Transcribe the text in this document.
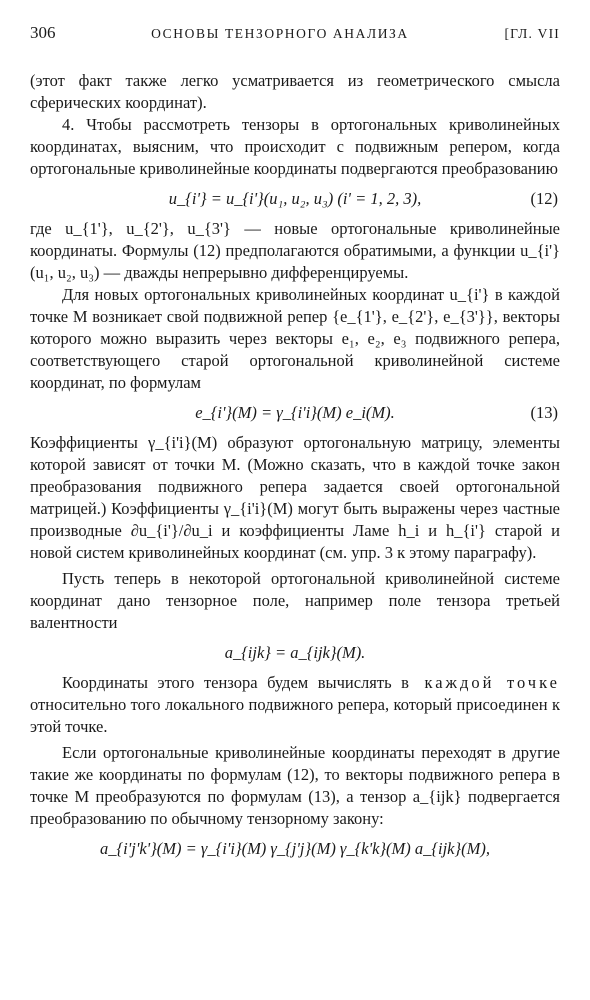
306	ОСНОВЫ ТЕНЗОРНОГО АНАЛИЗА	[ГЛ. VII

(этот факт также легко усматривается из геометрического смысла сферических координат).

4. Чтобы рассмотреть тензоры в ортогональных криволинейных координатах, выясним, что происходит с подвижным репером, когда ортогональные криволинейные координаты подвергаются преобразованию

u_{i'} = u_{i'}(u₁, u₂, u₃) (i' = 1, 2, 3),	(12)

где u_{1'}, u_{2'}, u_{3'} — новые ортогональные криволинейные координаты. Формулы (12) предполагаются обратимыми, а функции u_{i'}(u₁, u₂, u₃) — дважды непрерывно дифференцируемы.

Для новых ортогональных криволинейных координат u_{i'} в каждой точке M возникает свой подвижной репер {e_{1'}, e_{2'}, e_{3'}}, векторы которого можно выразить через векторы e₁, e₂, e₃ подвижного репера, соответствующего старой ортогональной криволинейной системе координат, по формулам

e_{i'}(M) = γ_{i'i}(M) e_i(M).	(13)

Коэффициенты γ_{i'i}(M) образуют ортогональную матрицу, элементы которой зависят от точки M. (Можно сказать, что в каждой точке закон преобразования подвижного репера задается своей ортогональной матрицей.) Коэффициенты γ_{i'i}(M) могут быть выражены через частные производные ∂u_{i'}/∂u_i и коэффициенты Ламе h_i и h_{i'} старой и новой систем криволинейных координат (см. упр. 3 к этому параграфу).

Пусть теперь в некоторой ортогональной криволинейной системе координат дано тензорное поле, например поле тензора третьей валентности

a_{ijk} = a_{ijk}(M).

Координаты этого тензора будем вычислять в каждой точке относительно того локального подвижного репера, который присоединен к этой точке.

Если ортогональные криволинейные координаты переходят в другие такие же координаты по формулам (12), то векторы подвижного репера в точке M преобразуются по формулам (13), а тензор a_{ijk} подвергается преобразованию по обычному тензорному закону:

a_{i'j'k'}(M) = γ_{i'i}(M) γ_{j'j}(M) γ_{k'k}(M) a_{ijk}(M),
